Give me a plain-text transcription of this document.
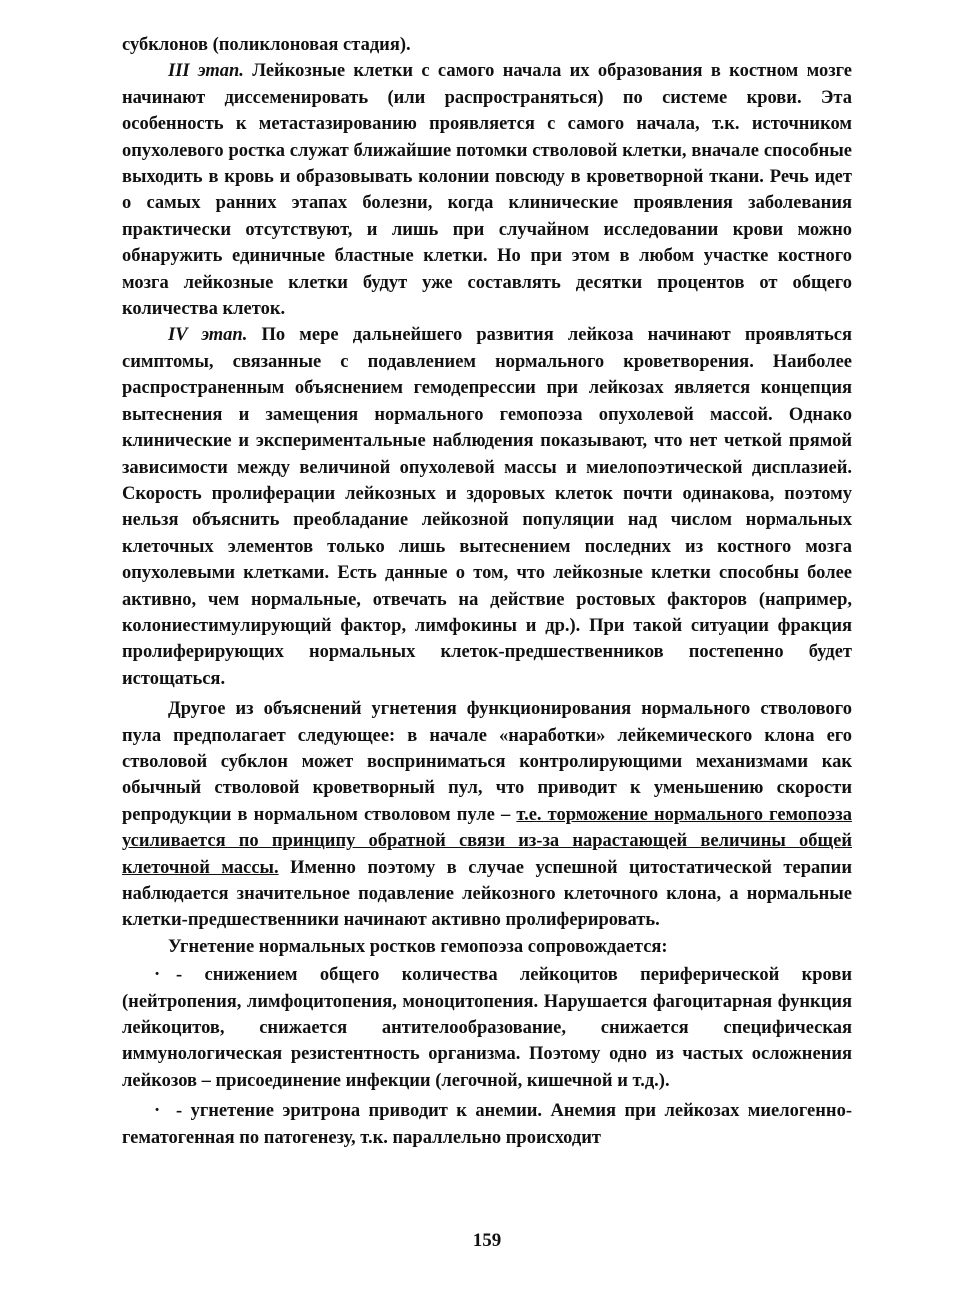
субклонов (поликлоновая стадия).

III этап. Лейкозные клетки с самого начала их образования в костном мозге начинают диссеменировать (или распространяться) по системе крови. Эта особенность к метастазированию проявляется с самого начала, т.к. источником опухолевого ростка служат ближайшие потомки стволовой клетки, вначале способные выходить в кровь и образовывать колонии повсюду в кроветворной ткани. Речь идет о самых ранних этапах болезни, когда клинические проявления заболевания практически отсутствуют, и лишь при случайном исследовании крови можно обнаружить единичные бластные клетки. Но при этом в любом участке костного мозга лейкозные клетки будут уже составлять десятки процентов от общего количества клеток.

IV этап. По мере дальнейшего развития лейкоза начинают проявляться симптомы, связанные с подавлением нормального кроветворения. Наиболее распространенным объяснением гемодепрессии при лейкозах является концепция вытеснения и замещения нормального гемопоэза опухолевой массой. Однако клинические и экспериментальные наблюдения показывают, что нет четкой прямой зависимости между величиной опухолевой массы и миелопоэтической дисплазией. Скорость пролиферации лейкозных и здоровых клеток почти одинакова, поэтому нельзя объяснить преобладание лейкозной популяции над числом нормальных клеточных элементов только лишь вытеснением последних из костного мозга опухолевыми клетками. Есть данные о том, что лейкозные клетки способны более активно, чем нормальные, отвечать на действие ростовых факторов (например, колониестимулирующий фактор, лимфокины и др.). При такой ситуации фракция пролиферирующих нормальных клеток-предшественников постепенно будет истощаться.

Другое из объяснений угнетения функционирования нормального стволового пула предполагает следующее: в начале «наработки» лейкемического клона его стволовой субклон может восприниматься контролирующими механизмами как обычный стволовой кроветворный пул, что приводит к уменьшению скорости репродукции в нормальном стволовом пуле – т.е. торможение нормального гемопоэза усиливается по принципу обратной связи из-за нарастающей величины общей клеточной массы. Именно поэтому в случае успешной цитостатической терапии наблюдается значительное подавление лейкозного клеточного клона, а нормальные клетки-предшественники начинают активно пролиферировать.

Угнетение нормальных ростков гемопоэза сопровождается:

· - снижением общего количества лейкоцитов периферической крови (нейтропения, лимфоцитопения, моноцитопения. Нарушается фагоцитарная функция лейкоцитов, снижается антителообразование, снижается специфическая иммунологическая резистентность организма. Поэтому одно из частых осложнения лейкозов – присоединение инфекции (легочной, кишечной и т.д.).

· - угнетение эритрона приводит к анемии. Анемия при лейкозах миелогенно-гематогенная по патогенезу, т.к. параллельно происходит

159
